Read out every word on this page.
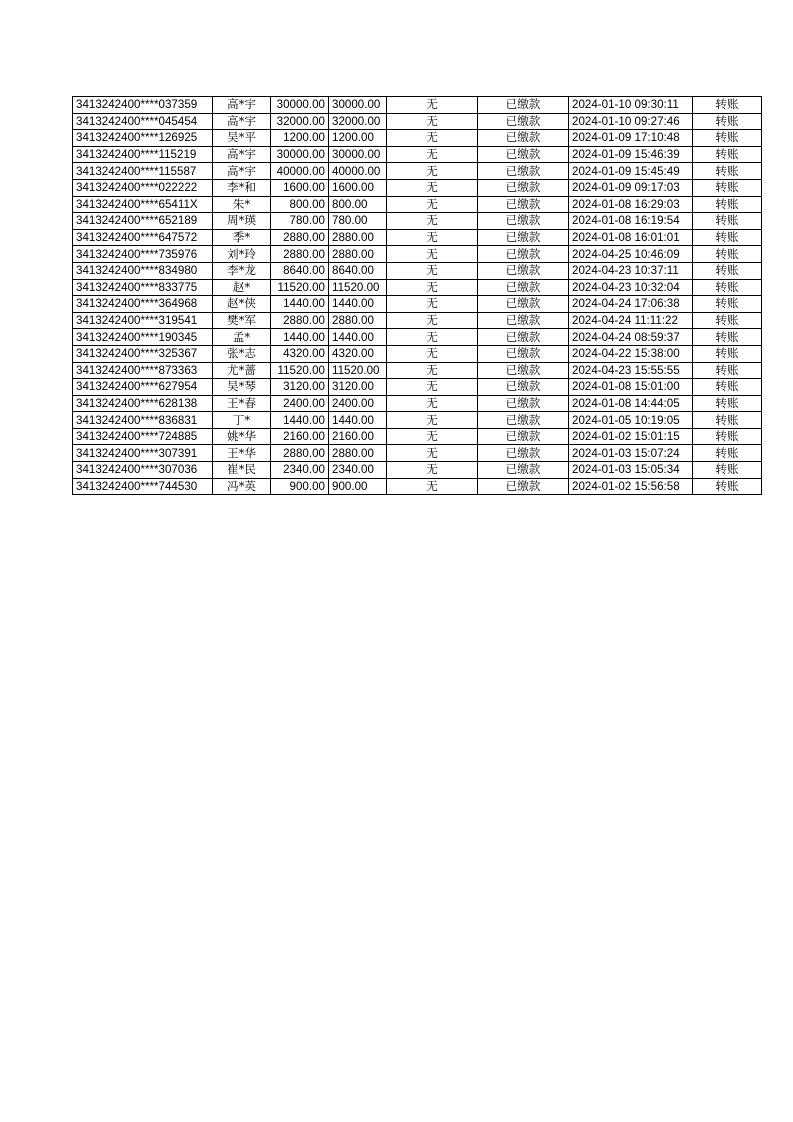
3413242400****037359	高*宇	30000.00	30000.00	无	已缴款	2024-01-10 09:30:11	转账
3413242400****045454	高*宇	32000.00	32000.00	无	已缴款	2024-01-10 09:27:46	转账
3413242400****126925	吴*平	1200.00	1200.00	无	已缴款	2024-01-09 17:10:48	转账
3413242400****115219	高*宇	30000.00	30000.00	无	已缴款	2024-01-09 15:46:39	转账
3413242400****115587	高*宇	40000.00	40000.00	无	已缴款	2024-01-09 15:45:49	转账
3413242400****022222	李*和	1600.00	1600.00	无	已缴款	2024-01-09 09:17:03	转账
3413242400****65411X	朱*	800.00	800.00	无	已缴款	2024-01-08 16:29:03	转账
3413242400****652189	周*瑛	780.00	780.00	无	已缴款	2024-01-08 16:19:54	转账
3413242400****647572	季*	2880.00	2880.00	无	已缴款	2024-01-08 16:01:01	转账
3413242400****735976	刘*玲	2880.00	2880.00	无	已缴款	2024-04-25 10:46:09	转账
3413242400****834980	李*龙	8640.00	8640.00	无	已缴款	2024-04-23 10:37:11	转账
3413242400****833775	赵*	11520.00	11520.00	无	已缴款	2024-04-23 10:32:04	转账
3413242400****364968	赵*侠	1440.00	1440.00	无	已缴款	2024-04-24 17:06:38	转账
3413242400****319541	樊*军	2880.00	2880.00	无	已缴款	2024-04-24 11:11:22	转账
3413242400****190345	孟*	1440.00	1440.00	无	已缴款	2024-04-24 08:59:37	转账
3413242400****325367	张*志	4320.00	4320.00	无	已缴款	2024-04-22 15:38:00	转账
3413242400****873363	尤*蔷	11520.00	11520.00	无	已缴款	2024-04-23 15:55:55	转账
3413242400****627954	吴*琴	3120.00	3120.00	无	已缴款	2024-01-08 15:01:00	转账
3413242400****628138	王*春	2400.00	2400.00	无	已缴款	2024-01-08 14:44:05	转账
3413242400****836831	丁*	1440.00	1440.00	无	已缴款	2024-01-05 10:19:05	转账
3413242400****724885	姚*华	2160.00	2160.00	无	已缴款	2024-01-02 15:01:15	转账
3413242400****307391	王*华	2880.00	2880.00	无	已缴款	2024-01-03 15:07:24	转账
3413242400****307036	崔*民	2340.00	2340.00	无	已缴款	2024-01-03 15:05:34	转账
3413242400****744530	冯*英	900.00	900.00	无	已缴款	2024-01-02 15:56:58	转账
